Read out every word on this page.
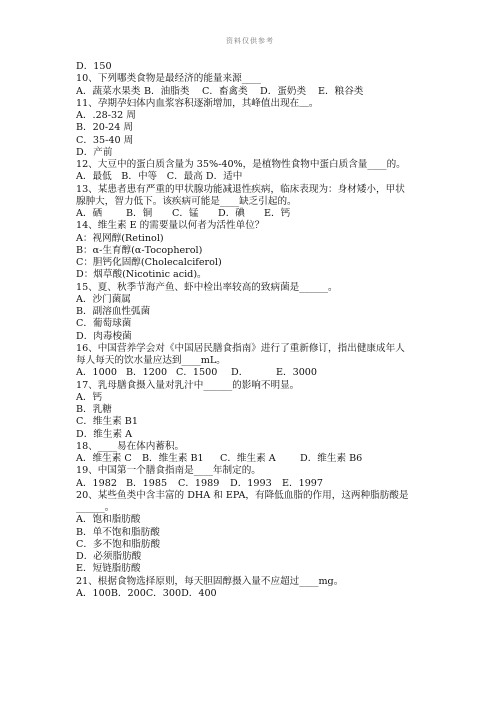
资料仅供参考
D．150
10、下列哪类食物是最经济的能量来源____
A．蔬菜水果类 B．油脂类	C．畜禽类	D．蛋奶类	E．粮谷类
11、孕期孕妇体内血浆容积逐渐增加，其峰值出现在＿。
A．.28-32 周
B．20-24 周
C．35-40 周
D．产前
12、大豆中的蛋白质含量为 35%-40%，是植物性食物中蛋白质含量____的。
A．最低　B．中等　C．最高 D．适中
13、某患者患有严重的甲状腺功能减退性疾病，临床表现为：身材矮小，甲状
腺肿大，智力低下。该疾病可能是____缺乏引起的。
A．硒	B．铜	C．锰	D．碘	E．钙
14、维生素 E 的需要量以何者为活性单位？
A：视网醇(Retinol)
B：α-生育醇(α-Tocopherol)
C：胆钙化固醇(Cholecalciferol)
D：烟草酸(Nicotinic acid)。
15、夏、秋季节海产鱼、虾中检出率较高的致病菌是______。
A．沙门菌属
B．副溶血性弧菌
C．葡萄球菌
D．肉毒梭菌
16、中国营养学会对《中国居民膳食指南》进行了重新修订，指出健康成年人
每人每天的饮水量应达到____mL。
A．1000 B．1200 C．1500	D．	E．3000
17、乳母膳食摄入量对乳汁中______的影响不明显。
A．钙
B．乳糖
C．维生素 B1
D．维生素 A
18、____易在体内蓄积。
A．维生素 C	B．维生素 B1	C．维生素 A	D．维生素 B6
19、中国第一个膳食指南是____年制定的。
A．1982 B．1985	C．1989	D．1993	E．1997
20、某些鱼类中含丰富的 DHA 和 EPA，有降低血脂的作用，这两种脂肪酸是
______。
A．饱和脂肪酸
B．单不饱和脂肪酸
C．多不饱和脂肪酸
D．必须脂肪酸
E．短链脂肪酸
21、根据食物选择原则，每天胆固醇摄入量不应超过____mg。
A．100 B．200 C．300 D．400
